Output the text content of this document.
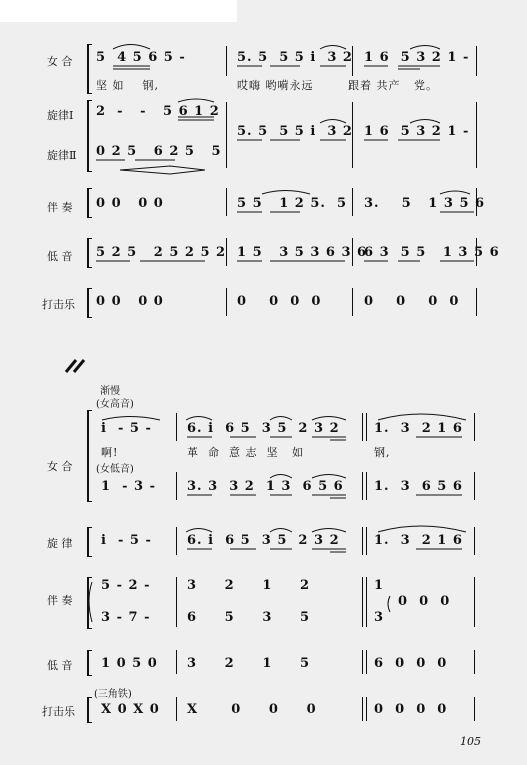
女 合
旋律Ⅰ
旋律Ⅱ
伴 奏
低 音
打击乐
5  4 5 6 5 -	5. 5  5 5 i  3 2 1 6  5 3 2 1 -
坚 如    钢,	哎嗨 哟嗬永远	跟着 共产   党。
2  -   -   5 6 1 2
0 2 5   6 2 5   5
5. 5  5 5 i  3 2 1 6  5 3 2 1 -
0 0   0 0	5 5   1 2 5.  5 3.    5   1 3 5 6
5 2 5   2 5 2 5 2 1 5   3 5 3 6 3 6
6 3  5 5   1 3 5 6
0 0   0 0	0    0  0  0	0    0    0  0
渐慢
(女高音)
(女低音)
(三角铁)
女 合
旋 律
伴 奏
低 音
打击乐
i  - 5 -	6. i  6 5  3 5  2 3 2	1.  3  2 1 6
啊!	革  命  意 志  坚   如	钢,
1  - 3 - 3. 3  3 2  1 3  6 5 6 1.  3  6 5 6
i  - 5 -	6. i  6 5  3 5  2 3 2	1.  3  2 1 6
5 - 2 -
3 - 7 -
3     2     1     2
6     5     3     5
1
3
0  0  0
1 0 5 0 3     2     1     5	6  0  0  0
X 0 X 0 X      0     0     0	0  0  0  0
105
